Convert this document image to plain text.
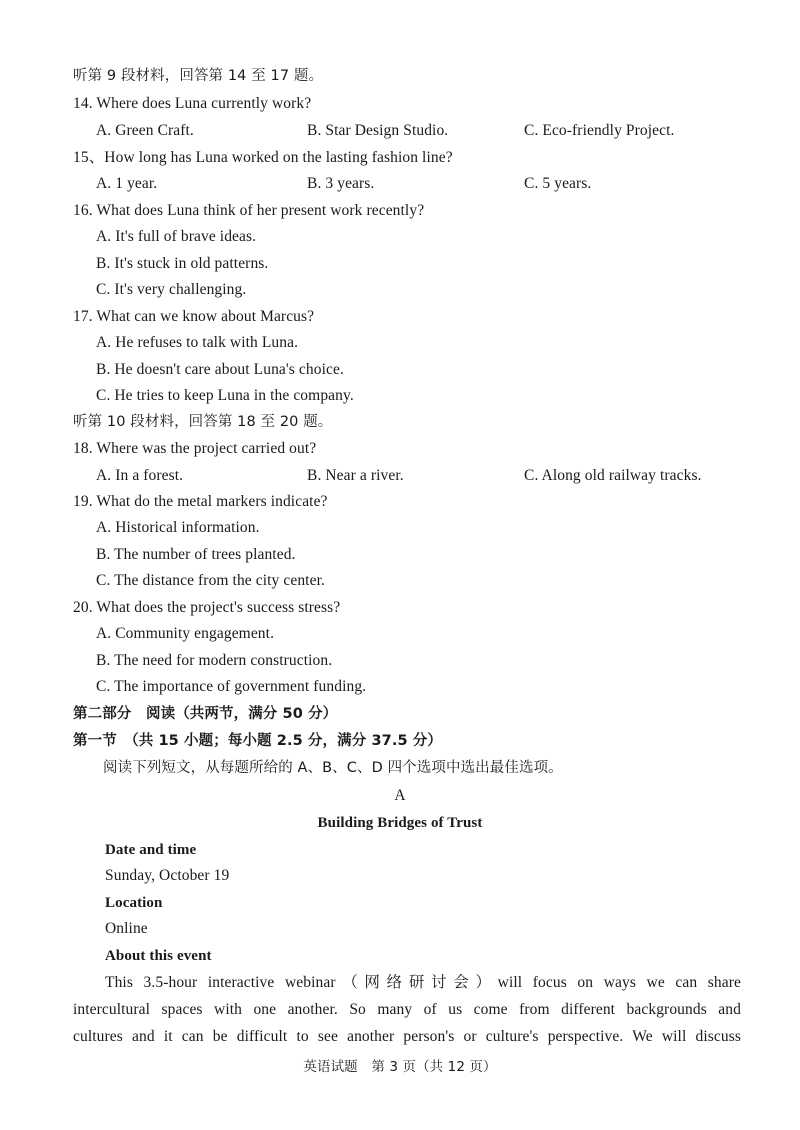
听第 9 段材料，回答第 14 至 17 题。
14. Where does Luna currently work?
A. Green Craft.	B. Star Design Studio.	C. Eco-friendly Project.
15、How long has Luna worked on the lasting fashion line?
A. 1 year.	B. 3 years.	C. 5 years.
16. What does Luna think of her present work recently?
A. It's full of brave ideas.
B. It's stuck in old patterns.
C. It's very challenging.
17. What can we know about Marcus?
A. He refuses to talk with Luna.
B. He doesn't care about Luna's choice.
C. He tries to keep Luna in the company.
听第 10 段材料，回答第 18 至 20 题。
18. Where was the project carried out?
A. In a forest.	B. Near a river.	C. Along old railway tracks.
19. What do the metal markers indicate?
A. Historical information.
B. The number of trees planted.
C. The distance from the city center.
20. What does the project's success stress?
A. Community engagement.
B. The need for modern construction.
C. The importance of government funding.
第二部分　阅读（共两节，满分 50 分）
第一节　（共 15 小题；每小题 2.5 分，满分 37.5 分）
阅读下列短文，从每题所给的 A、B、C、D 四个选项中选出最佳选项。
A
Building Bridges of Trust
Date and time
Sunday, October 19
Location
Online
About this event
This 3.5-hour interactive webinar（网络研讨会）will focus on ways we can share
intercultural spaces with one another. So many of us come from different backgrounds and
cultures and it can be difficult to see another person's or culture's perspective. We will discuss
英语试题　第 3 页（共 12 页）
